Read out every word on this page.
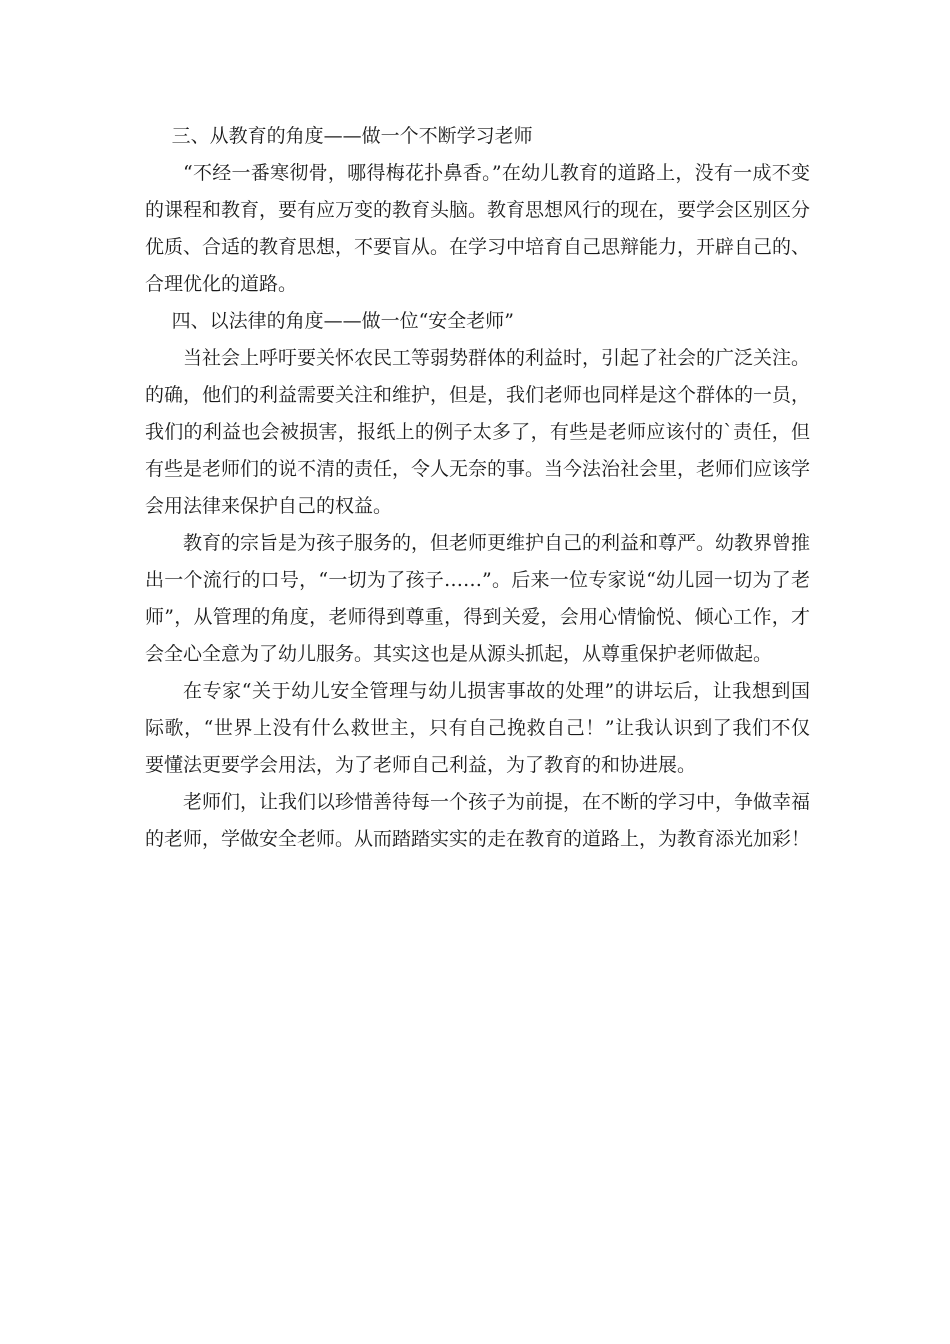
三、从教育的角度——做一个不断学习老师

“不经一番寒彻骨，哪得梅花扑鼻香。”在幼儿教育的道路上，没有一成不变的课程和教育，要有应万变的教育头脑。教育思想风行的现在，要学会区别区分优质、合适的教育思想，不要盲从。在学习中培育自己思辩能力，开辟自己的、合理优化的道路。

四、以法律的角度——做一位“安全老师”

当社会上呼吁要关怀农民工等弱势群体的利益时，引起了社会的广泛关注。的确，他们的利益需要关注和维护，但是，我们老师也同样是这个群体的一员，我们的利益也会被损害，报纸上的例子太多了，有些是老师应该付的`责任，但有些是老师们的说不清的责任，令人无奈的事。当今法治社会里，老师们应该学会用法律来保护自己的权益。

教育的宗旨是为孩子服务的，但老师更维护自己的利益和尊严。幼教界曾推出一个流行的口号，“一切为了孩子……”。后来一位专家说“幼儿园一切为了老师”，从管理的角度，老师得到尊重，得到关爱，会用心情愉悦、倾心工作，才会全心全意为了幼儿服务。其实这也是从源头抓起，从尊重保护老师做起。

在专家“关于幼儿安全管理与幼儿损害事故的处理”的讲坛后，让我想到国际歌，“世界上没有什么救世主，只有自己挽救自己！”让我认识到了我们不仅要懂法更要学会用法，为了老师自己利益，为了教育的和协进展。

老师们，让我们以珍惜善待每一个孩子为前提，在不断的学习中，争做幸福的老师，学做安全老师。从而踏踏实实的走在教育的道路上，为教育添光加彩！
